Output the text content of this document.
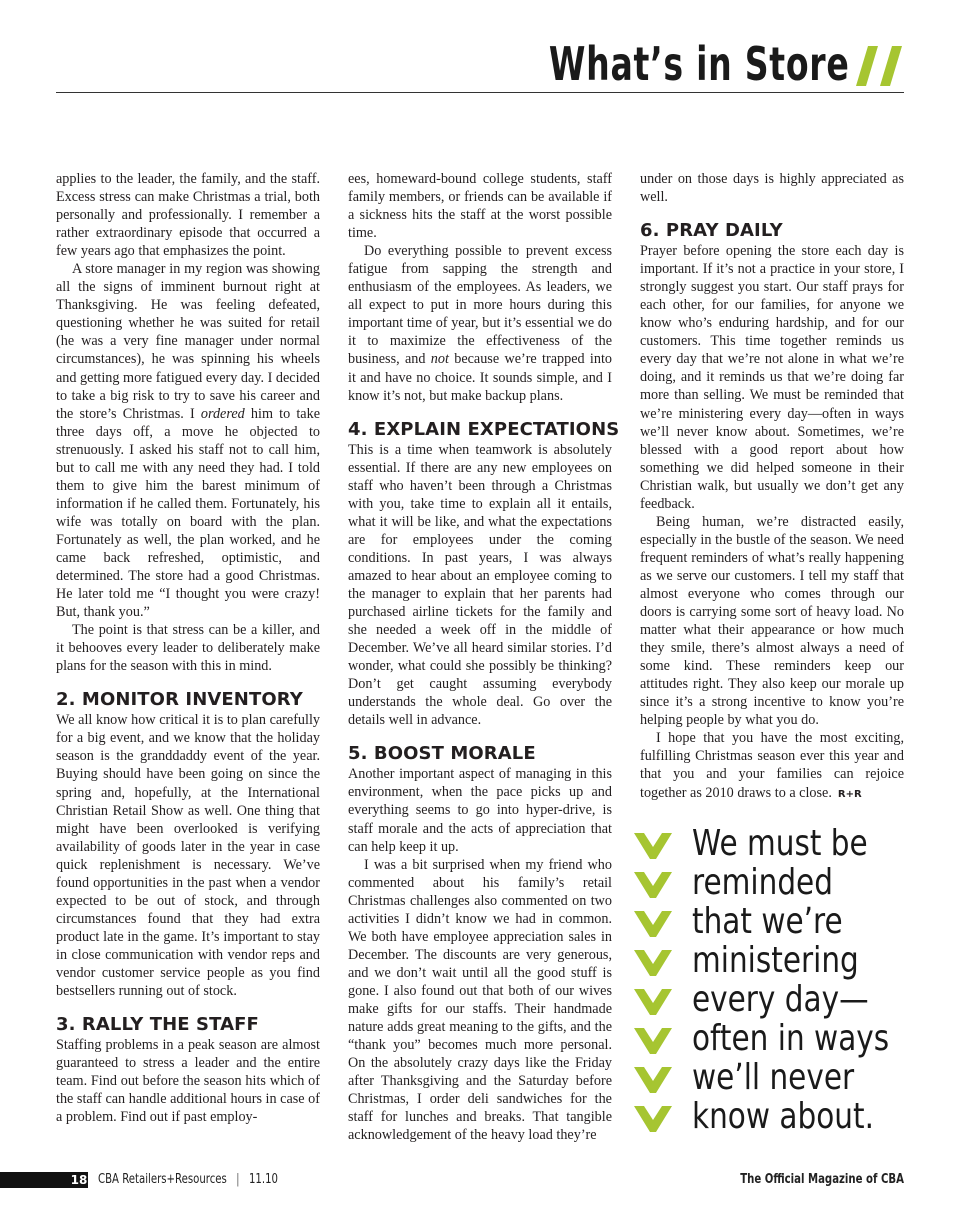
What’s in Store

applies to the leader, the family, and the staff. Excess stress can make Christmas a trial, both personally and professionally. I remember a rather extraordinary episode that occurred a few years ago that emphasizes the point.

A store manager in my region was showing all the signs of imminent burnout right at Thanksgiving. He was feeling defeated, questioning whether he was suited for retail (he was a very fine manager under normal circumstances), he was spinning his wheels and getting more fatigued every day. I decided to take a big risk to try to save his career and the store’s Christmas. I ordered him to take three days off, a move he objected to strenuously. I asked his staff not to call him, but to call me with any need they had. I told them to give him the barest minimum of information if he called them. Fortunately, his wife was totally on board with the plan. Fortunately as well, the plan worked, and he came back refreshed, optimistic, and determined. The store had a good Christmas. He later told me “I thought you were crazy! But, thank you.”

The point is that stress can be a killer, and it behooves every leader to deliberately make plans for the season with this in mind.

2. MONITOR INVENTORY

We all know how critical it is to plan carefully for a big event, and we know that the holiday season is the granddaddy event of the year. Buying should have been going on since the spring and, hopefully, at the International Christian Retail Show as well. One thing that might have been overlooked is verifying availability of goods later in the year in case quick replenishment is necessary. We’ve found opportunities in the past when a vendor expected to be out of stock, and through circumstances found that they had extra product late in the game. It’s important to stay in close communication with vendor reps and vendor customer service people as you find bestsellers running out of stock.

3. RALLY THE STAFF

Staffing problems in a peak season are almost guaranteed to stress a leader and the entire team. Find out before the season hits which of the staff can handle additional hours in case of a problem. Find out if past employ-

ees, homeward-bound college students, staff family members, or friends can be available if a sickness hits the staff at the worst possible time.

Do everything possible to prevent excess fatigue from sapping the strength and enthusiasm of the employees. As leaders, we all expect to put in more hours during this important time of year, but it’s essential we do it to maximize the effectiveness of the business, and not because we’re trapped into it and have no choice. It sounds simple, and I know it’s not, but make backup plans.

4. EXPLAIN EXPECTATIONS

This is a time when teamwork is absolutely essential. If there are any new employees on staff who haven’t been through a Christmas with you, take time to explain all it entails, what it will be like, and what the expectations are for employees under the coming conditions. In past years, I was always amazed to hear about an employee coming to the manager to explain that her parents had purchased airline tickets for the family and she needed a week off in the middle of December. We’ve all heard similar stories. I’d wonder, what could she possibly be thinking? Don’t get caught assuming everybody understands the whole deal. Go over the details well in advance.

5. BOOST MORALE

Another important aspect of managing in this environment, when the pace picks up and everything seems to go into hyper-drive, is staff morale and the acts of appreciation that can help keep it up.

I was a bit surprised when my friend who commented about his family’s retail Christmas challenges also commented on two activities I didn’t know we had in common. We both have employee appreciation sales in December. The discounts are very generous, and we don’t wait until all the good stuff is gone. I also found out that both of our wives make gifts for our staffs. Their handmade nature adds great meaning to the gifts, and the “thank you” becomes much more personal. On the absolutely crazy days like the Friday after Thanksgiving and the Saturday before Christmas, I order deli sandwiches for the staff for lunches and breaks. That tangible acknowledgement of the heavy load they’re

under on those days is highly appreciated as well.

6. PRAY DAILY

Prayer before opening the store each day is important. If it’s not a practice in your store, I strongly suggest you start. Our staff prays for each other, for our families, for anyone we know who’s enduring hardship, and for our customers. This time together reminds us every day that we’re not alone in what we’re doing, and it reminds us that we’re doing far more than selling. We must be reminded that we’re ministering every day—often in ways we’ll never know about. Sometimes, we’re blessed with a good report about how something we did helped someone in their Christian walk, but usually we don’t get any feedback.

Being human, we’re distracted easily, especially in the bustle of the season. We need frequent reminders of what’s really happening as we serve our customers. I tell my staff that almost everyone who comes through our doors is carrying some sort of heavy load. No matter what their appearance or how much they smile, there’s almost always a need of some kind. These reminders keep our attitudes right. They also keep our morale up since it’s a strong incentive to know you’re helping people by what you do.

I hope that you have the most exciting, fulfilling Christmas season ever this year and that you and your families can rejoice together as 2010 draws to a close. R+R

We must be
reminded
that we’re
ministering
every day—
often in ways
we’ll never
know about.
18 CBA Retailers+Resources | 11.10	The Official Magazine of CBA
